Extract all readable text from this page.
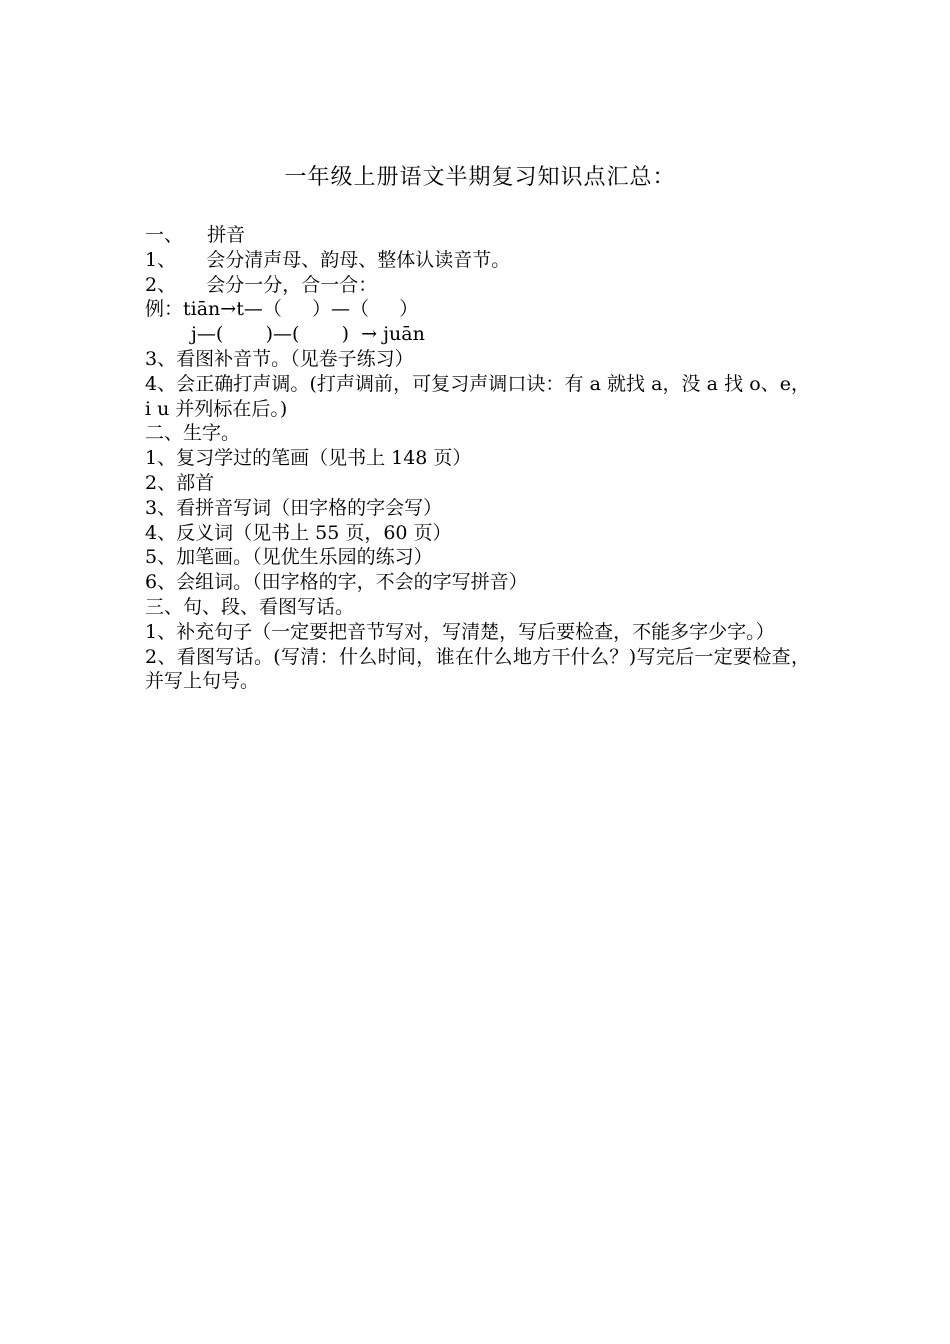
一年级上册语文半期复习知识点汇总：
一、    拼音
1、     会分清声母、韵母、整体认读音节。
2、     会分一分，合一合：
例：tiān→t—（     ）—（     ）
j—(       )—(       )  → juān
3、看图补音节。（见卷子练习）
4、会正确打声调。(打声调前，可复习声调口诀：有 a 就找 a，没 a 找 o、e，i u 并列标在后。)
二、生字。
1、复习学过的笔画（见书上 148 页）
2、部首
3、看拼音写词（田字格的字会写）
4、反义词（见书上 55 页，60 页）
5、加笔画。（见优生乐园的练习）
6、会组词。（田字格的字，不会的字写拼音）
三、句、段、看图写话。
1、补充句子（一定要把音节写对，写清楚，写后要检查，不能多字少字。）
2、看图写话。(写清：什么时间，谁在什么地方干什么？)写完后一定要检查，并写上句号。
